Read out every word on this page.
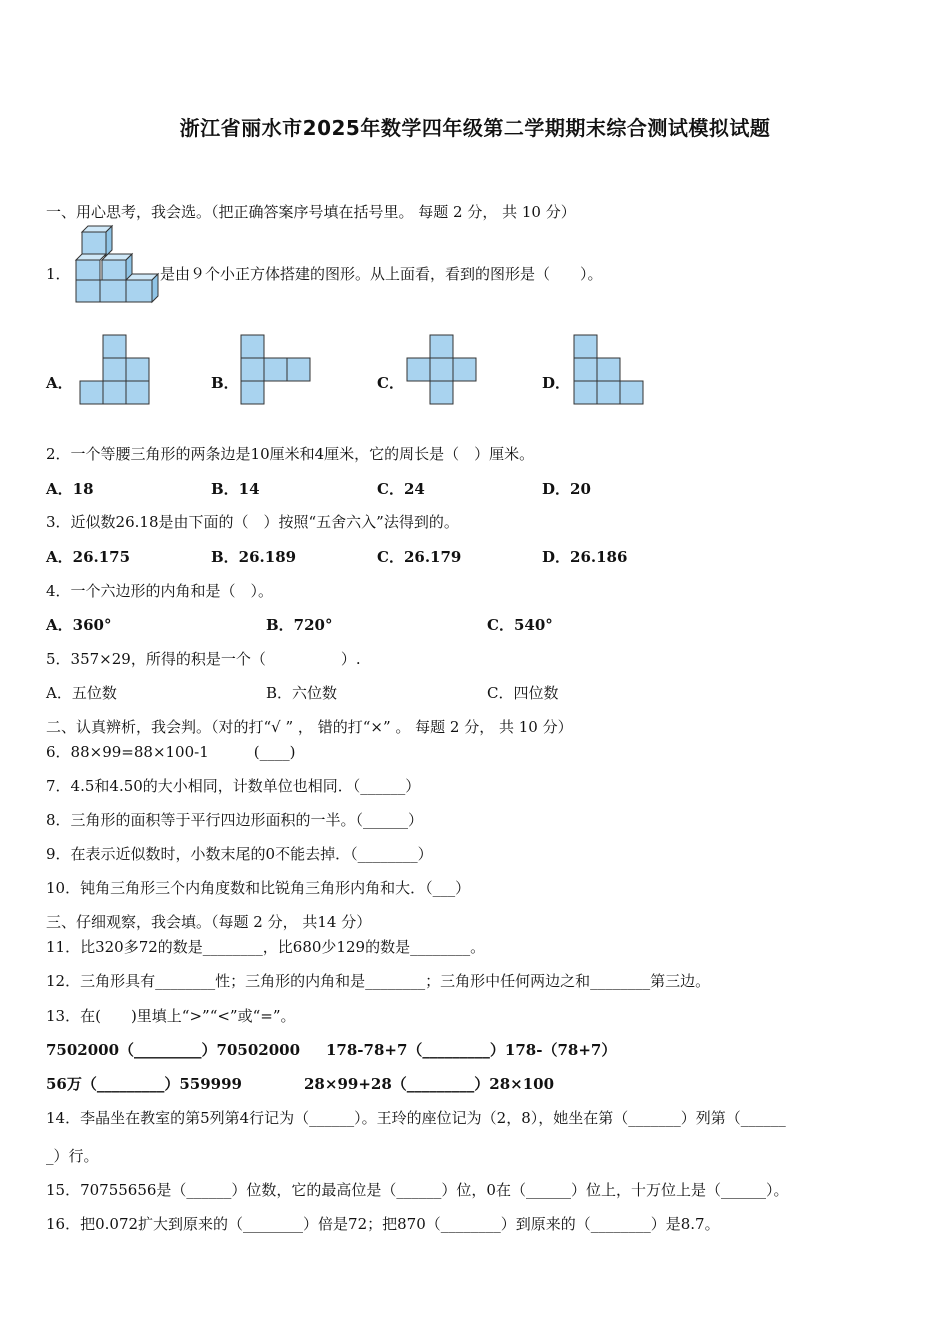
浙江省丽水市2025年数学四年级第二学期期末综合测试模拟试题
一、用心思考，我会选。（把正确答案序号填在括号里。 每题 2 分， 共 10 分）
1．	是由９个小正方体搭建的图形。从上面看，看到的图形是（　　）。
A．	B．	C．	D．
2．一个等腰三角形的两条边是10厘米和4厘米，它的周长是（　）厘米。
A．18	B．14	C．24	D．20
3．近似数26.18是由下面的（　）按照“五舍六入”法得到的。
A．26.175	B．26.189	C．26.179	D．26.186
4．一个六边形的内角和是（　）。
A．360°	B．720°	C．540°
5．357×29，所得的积是一个（　　　　　）.
A．五位数	B．六位数	C．四位数
二、认真辨析，我会判。（对的打“√ ” ， 错的打“×” 。 每题 2 分， 共 10 分）
6．88×99=88×100-1　　　(____)
7．4.5和4.50的大小相同，计数单位也相同．（______）
8．三角形的面积等于平行四边形面积的一半。（______）
9．在表示近似数时，小数末尾的0不能去掉．（________）
10．钝角三角形三个内角度数和比锐角三角形内角和大．（___）
三、仔细观察，我会填。（每题 2 分， 共14 分）
11．比320多72的数是________，比680少129的数是________。
12．三角形具有________性；三角形的内角和是________；三角形中任何两边之和________第三边。
13．在(　　)里填上“>”“<”或“=”。
7502000（_________）70502000 178-78+7（_________）178-（78+7）
56万（_________）559999	28×99+28（_________）28×100
14．李晶坐在教室的第5列第4行记为（______）。王玲的座位记为（2，8），她坐在第（_______）列第（______
_）行。
15．70755656是（______）位数，它的最高位是（______）位，0在（______）位上，十万位上是（______）。
16．把0.072扩大到原来的（________）倍是72；把870（________）到原来的（________）是8.7。
